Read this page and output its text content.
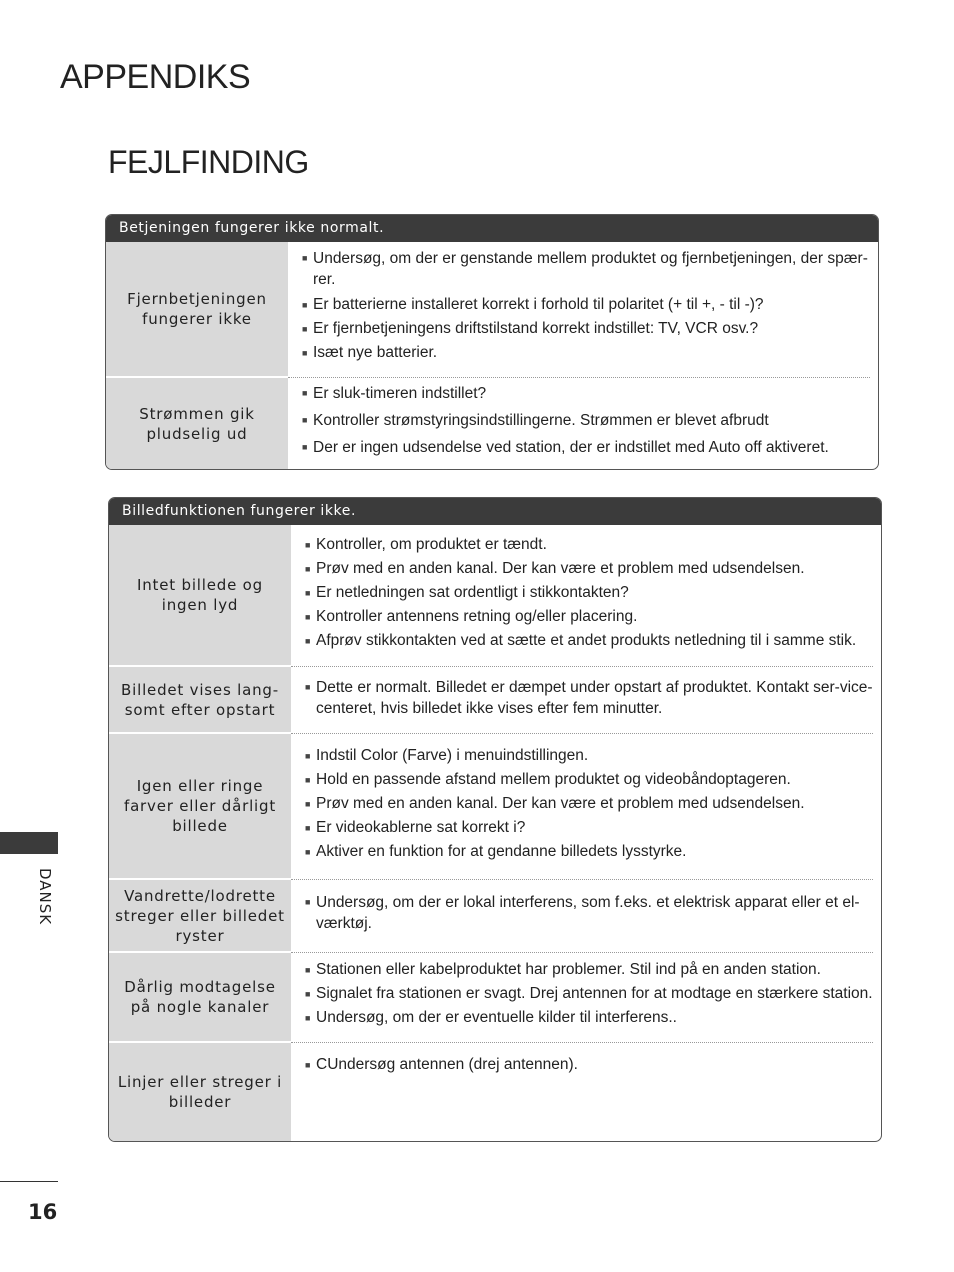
APPENDIKS
FEJLFINDING
Betjeningen fungerer ikke normalt.
Fjernbetjeningen fungerer ikke
■ Undersøg, om der er genstande mellem produktet og fjernbetjeningen, der spær-rer.
■ Er batterierne installeret korrekt i forhold til polaritet (+ til +, - til -)?
■ Er fjernbetjeningens driftstilstand korrekt indstillet: TV, VCR osv.?
■ Isæt nye batterier.
Strømmen gik pludselig ud
■ Er sluk-timeren indstillet?
■ Kontroller strømstyringsindstillingerne. Strømmen er blevet afbrudt
■ Der er ingen udsendelse ved station, der er indstillet med Auto off aktiveret.
Billedfunktionen fungerer ikke.
Intet billede og ingen lyd
■ Kontroller, om produktet er tændt.
■ Prøv med en anden kanal. Der kan være et problem med udsendelsen.
■ Er netledningen sat ordentligt i stikkontakten?
■ Kontroller antennens retning og/eller placering.
■ Afprøv stikkontakten ved at sætte et andet produkts netledning til i samme stik.
Billedet vises lang-somt efter opstart
■ Dette er normalt. Billedet er dæmpet under opstart af produktet. Kontakt ser-vice-centeret, hvis billedet ikke vises efter fem minutter.
Igen eller ringe farver eller dårligt billede
■ Indstil Color (Farve) i menuindstillingen.
■ Hold en passende afstand mellem produktet og videobåndoptageren.
■ Prøv med en anden kanal. Der kan være et problem med udsendelsen.
■ Er videokablerne sat korrekt i?
■ Aktiver en funktion for at gendanne billedets lysstyrke.
Vandrette/lodrette streger eller billedet ryster
■ Undersøg, om der er lokal interferens, som f.eks. et elektrisk apparat eller et el-værktøj.
Dårlig modtagelse på nogle kanaler
■ Stationen eller kabelproduktet har problemer. Stil ind på en anden station.
■ Signalet fra stationen er svagt. Drej antennen for at modtage en stærkere station.
■ Undersøg, om der er eventuelle kilder til interferens..
Linjer eller streger i billeder
■ CUndersøg antennen (drej antennen).
DANSK
16
